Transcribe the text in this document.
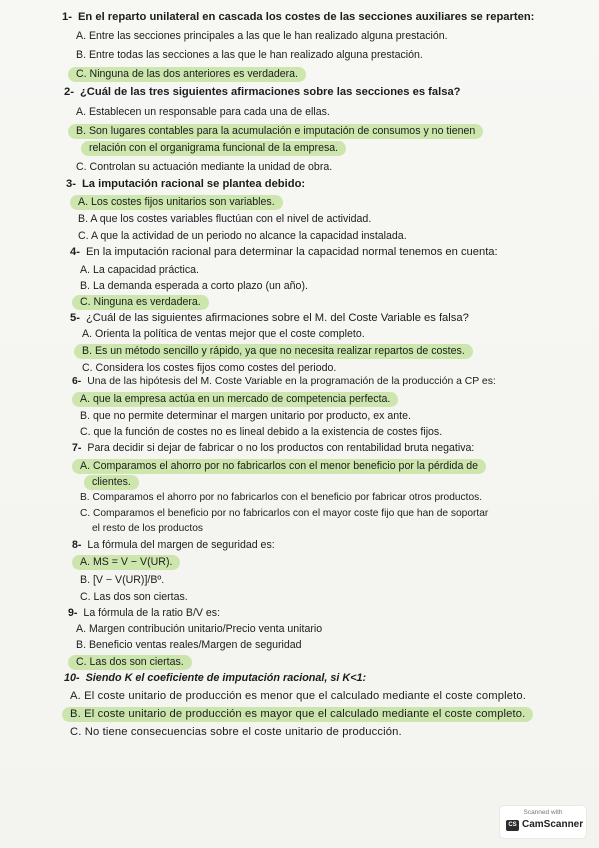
1- En el reparto unilateral en cascada los costes de las secciones auxiliares se reparten:
A. Entre las secciones principales a las que le han realizado alguna prestación.
B. Entre todas las secciones a las que le han realizado alguna prestación.
C. Ninguna de las dos anteriores es verdadera.
2- ¿Cuál de las tres siguientes afirmaciones sobre las secciones es falsa?
A. Establecen un responsable para cada una de ellas.
B. Son lugares contables para la acumulación e imputación de consumos y no tienen
relación con el organigrama funcional de la empresa.
C. Controlan su actuación mediante la unidad de obra.
3- La imputación racional se plantea debido:
A. Los costes fijos unitarios son variables.
B. A que los costes variables fluctúan con el nivel de actividad.
C. A que la actividad de un periodo no alcance la capacidad instalada.
4- En la imputación racional para determinar la capacidad normal tenemos en cuenta:
A. La capacidad práctica.
B. La demanda esperada a corto plazo (un año).
C. Ninguna es verdadera.
5- ¿Cuál de las siguientes afirmaciones sobre el M. del Coste Variable es falsa?
A. Orienta la política de ventas mejor que el coste completo.
B. Es un método sencillo y rápido, ya que no necesita realizar repartos de costes.
C. Considera los costes fijos como costes del periodo.
6- Una de las hipótesis del M. Coste Variable en la programación de la producción a CP es:
A. que la empresa actúa en un mercado de competencia perfecta.
B. que no permite determinar el margen unitario por producto, ex ante.
C. que la función de costes no es lineal debido a la existencia de costes fijos.
7- Para decidir si dejar de fabricar o no los productos con rentabilidad bruta negativa:
A. Comparamos el ahorro por no fabricarlos con el menor beneficio por la pérdida de
clientes.
B. Comparamos el ahorro por no fabricarlos con el beneficio por fabricar otros productos.
C. Comparamos el beneficio por no fabricarlos con el mayor coste fijo que han de soportar
el resto de los productos
8- La fórmula del margen de seguridad es:
A. MS = V − V(UR).
B. [V − V(UR)]/Bº.
C. Las dos son ciertas.
9- La fórmula de la ratio B/V es:
A. Margen contribución unitario/Precio venta unitario
B. Beneficio ventas reales/Margen de seguridad
C. Las dos son ciertas.
10- Siendo K el coeficiente de imputación racional, si K<1:
A. El coste unitario de producción es menor que el calculado mediante el coste completo.
B. El coste unitario de producción es mayor que el calculado mediante el coste completo.
C. No tiene consecuencias sobre el coste unitario de producción.
Scanned with
CS CamScanner
